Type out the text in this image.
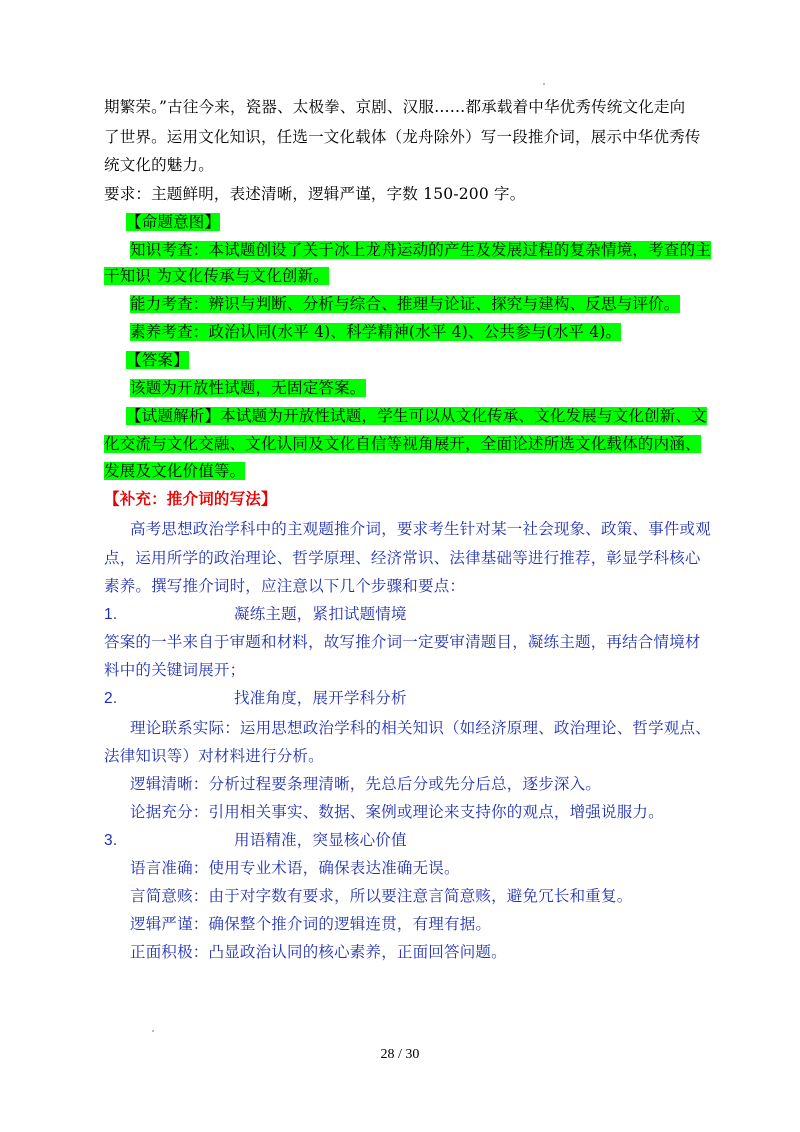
期繁荣。”古往今来，瓷器、太极拳、京剧、汉服……都承载着中华优秀传统文化走向
了世界。运用文化知识，任选一文化载体（龙舟除外）写一段推介词，展示中华优秀传
统文化的魅力。
要求：主题鲜明，表述清晰，逻辑严谨，字数 150-200 字。
【命题意图】
知识考查：本试题创设了关于冰上龙舟运动的产生及发展过程的复杂情境，考查的主
干知识 为文化传承与文化创新。
能力考查：辨识与判断、分析与综合、推理与论证、探究与建构、反思与评价。
素养考查：政治认同(水平 4)、科学精神(水平 4)、公共参与(水平 4)。
【答案】
该题为开放性试题，无固定答案。
【试题解析】本试题为开放性试题，学生可以从文化传承、文化发展与文化创新、文
化交流与文化交融、文化认同及文化自信等视角展开，全面论述所选文化载体的内涵、
发展及文化价值等。
【补充：推介词的写法】
高考思想政治学科中的主观题推介词，要求考生针对某一社会现象、政策、事件或观
点，运用所学的政治理论、哲学原理、经济常识、法律基础等进行推荐，彰显学科核心
素养。撰写推介词时，应注意以下几个步骤和要点：
1.	凝练主题，紧扣试题情境
答案的一半来自于审题和材料，故写推介词一定要审清题目，凝练主题，再结合情境材
料中的关键词展开；
2.	找准角度，展开学科分析
理论联系实际：运用思想政治学科的相关知识（如经济原理、政治理论、哲学观点、
法律知识等）对材料进行分析。
逻辑清晰：分析过程要条理清晰，先总后分或先分后总，逐步深入。
论据充分：引用相关事实、数据、案例或理论来支持你的观点，增强说服力。
3.	用语精准，突显核心价值
语言准确：使用专业术语，确保表达准确无误。
言简意赅：由于对字数有要求，所以要注意言简意赅，避免冗长和重复。
逻辑严谨：确保整个推介词的逻辑连贯，有理有据。
正面积极：凸显政治认同的核心素养，正面回答问题。
28 / 30
